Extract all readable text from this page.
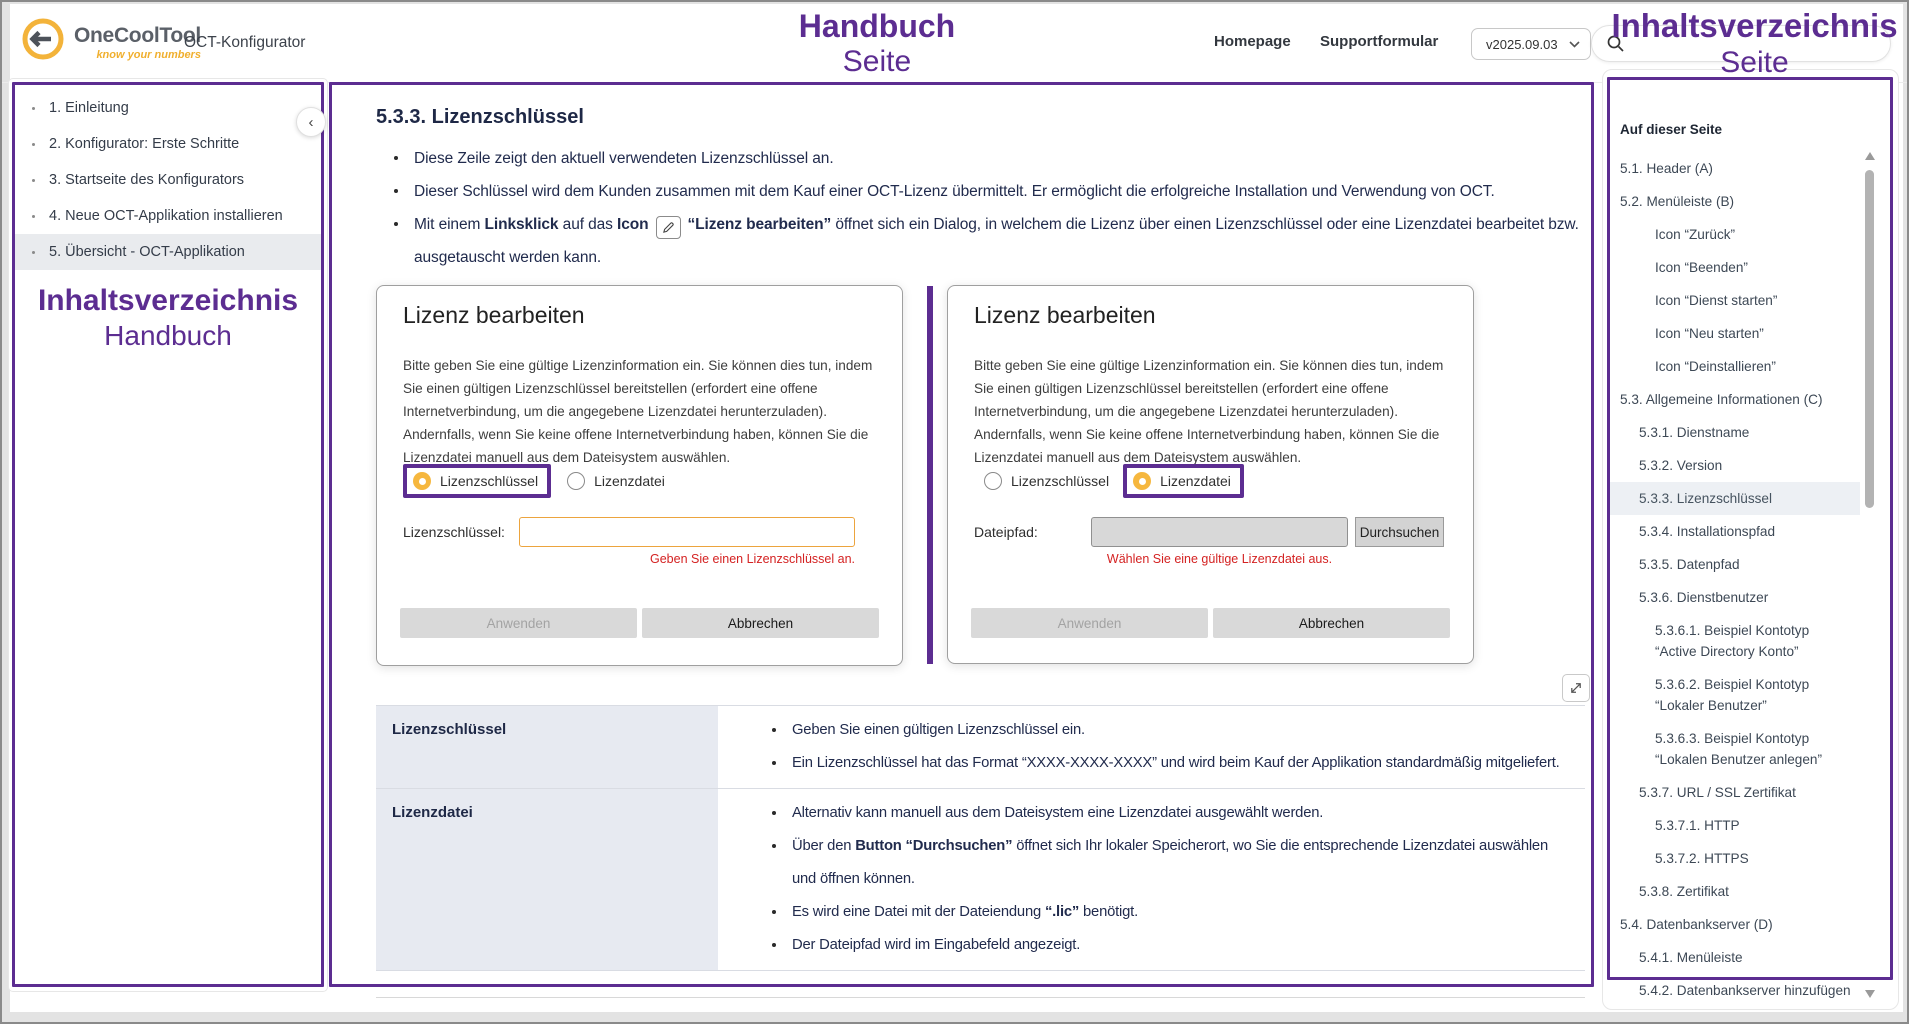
OneCoolTool
know your numbers
OCT-Konfigurator	Homepage Supportformular	v2025.09.03
Handbuch
Seite
Inhaltsverzeichnis
Seite
1. Einleitung
2. Konfigurator: Erste Schritte
3. Startseite des Konfigurators
4. Neue OCT-Applikation installieren
5. Übersicht - OCT-Applikation
‹
Inhaltsverzeichnis
Handbuch
5.3.3. Lizenzschlüssel
Diese Zeile zeigt den aktuell verwendeten Lizenzschlüssel an.
Dieser Schlüssel wird dem Kunden zusammen mit dem Kauf einer OCT-Lizenz übermittelt. Er ermöglicht die erfolgreiche Installation und Verwendung von OCT.
Mit einem Linksklick auf das Icon	“Lizenz bearbeiten” öffnet sich ein Dialog, in welchem die Lizenz über einen Lizenzschlüssel oder eine Lizenzdatei bearbeitet bzw. ausgetauscht werden kann.
Lizenz bearbeiten
Bitte geben Sie eine gültige Lizenzinformation ein. Sie können dies tun, indem Sie einen gültigen Lizenzschlüssel bereitstellen (erfordert eine offene Internetverbindung, um die angegebene Lizenzdatei herunterzuladen). Andernfalls, wenn Sie keine offene Internetverbindung haben, können Sie die Lizenzdatei manuell aus dem Dateisystem auswählen.
Lizenzschlüssel	Lizenzdatei
Lizenzschlüssel:
Geben Sie einen Lizenzschlüssel an.
Anwenden	Abbrechen
Lizenz bearbeiten
Bitte geben Sie eine gültige Lizenzinformation ein. Sie können dies tun, indem Sie einen gültigen Lizenzschlüssel bereitstellen (erfordert eine offene Internetverbindung, um die angegebene Lizenzdatei herunterzuladen). Andernfalls, wenn Sie keine offene Internetverbindung haben, können Sie die Lizenzdatei manuell aus dem Dateisystem auswählen.
Lizenzschlüssel	Lizenzdatei
Dateipfad:	Durchsuchen
Wählen Sie eine gültige Lizenzdatei aus.
Anwenden	Abbrechen
Lizenzschlüssel	Geben Sie einen gültigen Lizenzschlüssel ein.
Ein Lizenzschlüssel hat das Format “XXXX-XXXX-XXXX” und wird beim Kauf der Applikation standardmäßig mitgeliefert.
Lizenzdatei	Alternativ kann manuell aus dem Dateisystem eine Lizenzdatei ausgewählt werden.
Über den Button “Durchsuchen” öffnet sich Ihr lokaler Speicherort, wo Sie die entsprechende Lizenzdatei auswählen und öffnen können.
Es wird eine Datei mit der Dateiendung “.lic” benötigt.
Der Dateipfad wird im Eingabefeld angezeigt.
Auf dieser Seite
5.1. Header (A)
5.2. Menüleiste (B)
Icon “Zurück”
Icon “Beenden”
Icon “Dienst starten”
Icon “Neu starten”
Icon “Deinstallieren”
5.3. Allgemeine Informationen (C)
5.3.1. Dienstname
5.3.2. Version
5.3.3. Lizenzschlüssel
5.3.4. Installationspfad
5.3.5. Datenpfad
5.3.6. Dienstbenutzer
5.3.6.1. Beispiel Kontotyp “Active Directory Konto”
5.3.6.2. Beispiel Kontotyp “Lokaler Benutzer”
5.3.6.3. Beispiel Kontotyp “Lokalen Benutzer anlegen”
5.3.7. URL / SSL Zertifikat
5.3.7.1. HTTP
5.3.7.2. HTTPS
5.3.8. Zertifikat
5.4. Datenbankserver (D)
5.4.1. Menüleiste
5.4.2. Datenbankserver hinzufügen
